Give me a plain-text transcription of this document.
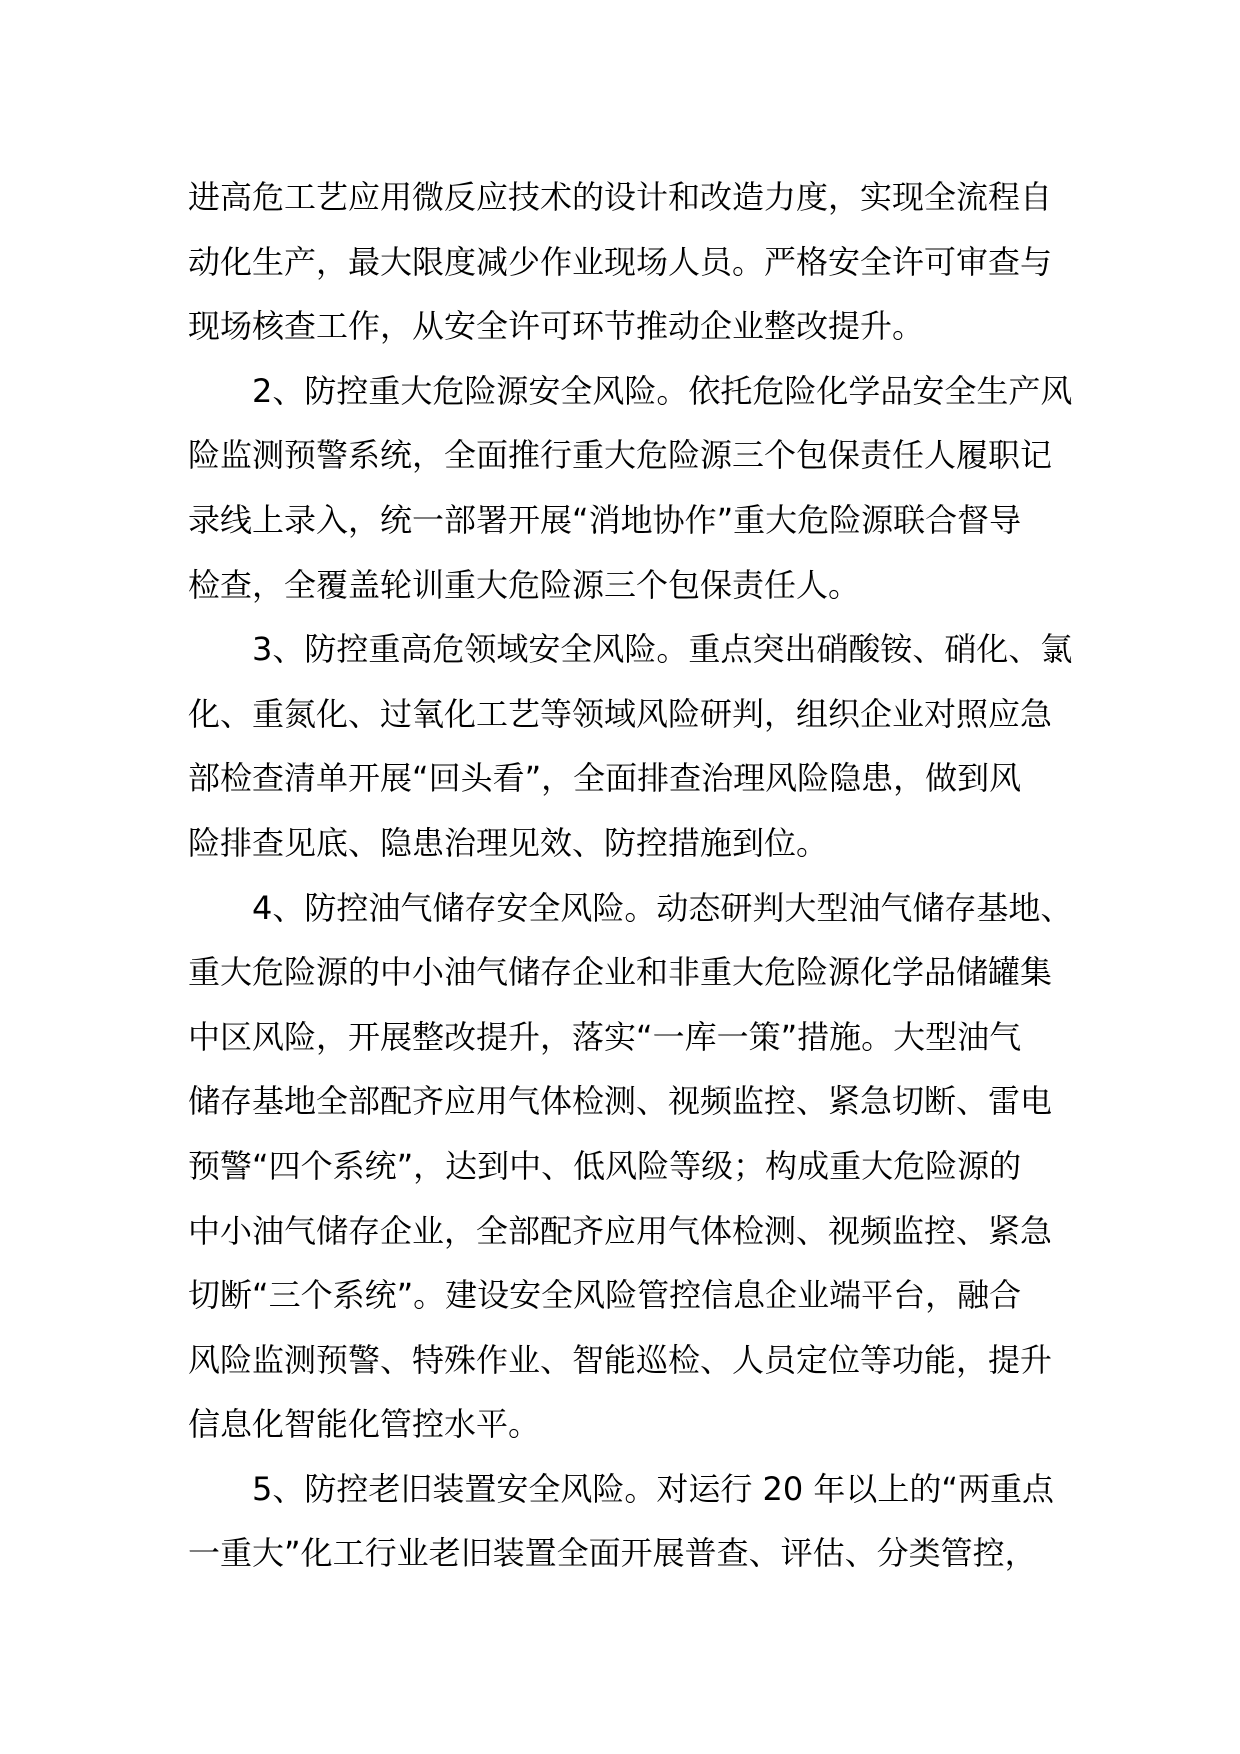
进高危工艺应用微反应技术的设计和改造力度，实现全流程自
动化生产，最大限度减少作业现场人员。严格安全许可审查与
现场核查工作，从安全许可环节推动企业整改提升。
2、防控重大危险源安全风险。依托危险化学品安全生产风
险监测预警系统，全面推行重大危险源三个包保责任人履职记
录线上录入，统一部署开展“消地协作”重大危险源联合督导
检查，全覆盖轮训重大危险源三个包保责任人。
3、防控重高危领域安全风险。重点突出硝酸铵、硝化、氯
化、重氮化、过氧化工艺等领域风险研判，组织企业对照应急
部检查清单开展“回头看”，全面排查治理风险隐患，做到风
险排查见底、隐患治理见效、防控措施到位。
4、防控油气储存安全风险。动态研判大型油气储存基地、
重大危险源的中小油气储存企业和非重大危险源化学品储罐集
中区风险，开展整改提升，落实“一库一策”措施。大型油气
储存基地全部配齐应用气体检测、视频监控、紧急切断、雷电
预警“四个系统”，达到中、低风险等级；构成重大危险源的
中小油气储存企业，全部配齐应用气体检测、视频监控、紧急
切断“三个系统”。建设安全风险管控信息企业端平台，融合
风险监测预警、特殊作业、智能巡检、人员定位等功能，提升
信息化智能化管控水平。
5、防控老旧装置安全风险。对运行 20 年以上的“两重点
一重大”化工行业老旧装置全面开展普查、评估、分类管控，
